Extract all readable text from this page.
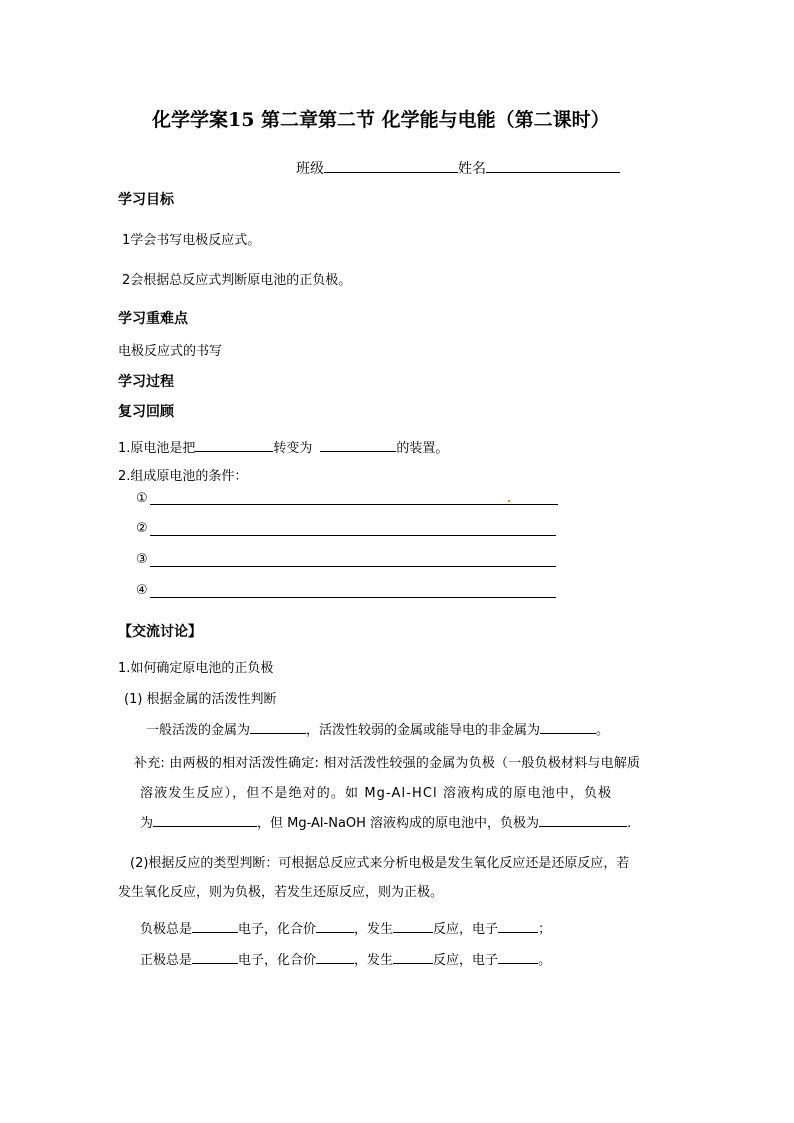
化学学案15 第二章第二节 化学能与电能（第二课时）
班级	姓名
学习目标
1学会书写电极反应式。
2会根据总反应式判断原电池的正负极。
学习重难点
电极反应式的书写
学习过程
复习回顾
1.原电池是把	转变为	的装置。
2.组成原电池的条件：
①
②
③
④
【交流讨论】
1.如何确定原电池的正负极
(1) 根据金属的活泼性判断
一般活泼的金属为	，活泼性较弱的金属或能导电的非金属为	。
补充: 由两极的相对活泼性确定: 相对活泼性较强的金属为负极（一般负极材料与电解质
溶液发生反应），但不是绝对的。如 Mg-Al-HCl 溶液构成的原电池中，负极
为	，但 Mg-Al-NaOH 溶液构成的原电池中，负极为	.
(2)根据反应的类型判断：可根据总反应式来分析电极是发生氧化反应还是还原反应，若
发生氧化反应，则为负极，若发生还原反应，则为正极。
负极总是	电子，化合价	，发生	反应，电子	；
正极总是	电子，化合价	，发生	反应，电子	。
